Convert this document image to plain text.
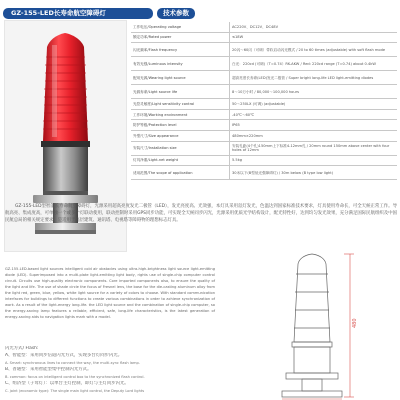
GZ-155-LED长寿命航空障碍灯	技术参数
工作电压/Operating voltage	AC220V、DC12V、DC48V
额定功率/Rated power	≤18W
闪光频率/Flash frequency	20闪～60闪（可调）带软启动闪光模式 / 20 to 60 times (adjustable) with soft flash mode
有效光强/Luminous intensity	白光：220cd (可调)（T=0.74）RK-AKW / Red: 220cd range (T=0.74) about 0.4kW
配用光源/Wearing light source	超高亮度长寿命(LED)发光二极管 / Super bright long-life LED light-emitting diodes
光源寿命/Light source life	8～10万小时 / 80,000～100,000 hours
光控灵敏度/Light sensitivity control	50～250LX (可调) (adjustable)
工作环境/Working environment	-40℃～60℃
防护等级/Protection level	IP65
外型尺寸/Size appearance	480mm×220mm
安装尺寸/Installation size	安装孔距(4个孔)150mm上下标准4-12mm孔 / 20mm round 150mm above center with four holes of 12mm
灯具净重/Light-net weight	5.5kg
适用范围/The scope of application	30米以下(B型低光强障碍灯) / 30m below (B type low light)

GZ-155-LED型智能长寿命航空障碍灯，光源采用超高亮度发光二极管（LED），发光亮度高、光效强，本灯具采用氙灯发光，色温达到国家标准技术要求，灯具使用寿命长，可全天候正常工作。导航高亮、集成度高，可单独一个或多个灯联动使用，联动控制时采用GPS同步功能，可实现全天候同步闪光，光源采用优质光学结构设计，配光特性好，达到均匀发光效果，充分满足国际民航组织及中国民航总局的相关规定要求，是适用于高层建筑、通讯塔、电视塔等障碍物的理想标志灯具。

GZ-155-LED-based light sources intelligent cold air obstacles using ultra-high-brightness light source light-emitting diode (LED). Superimposed into a multi-plate light-emitting light body, rights use of single-chip computer control circuit. Circuits use high-quality electronic components. Core imported components also, to ensure the quality of the light and life. The use of shade circle the focus of Fresnel lens, the base for the die-casting aluminum alloy from the light red, green, blue, yellow, white light source for a variety of colors to choose. With standard communication interfaces for buildings to different functions to create various combinations in order to achieve synchronization of work. As a result of the light-energy long-life. the LED light source and the combination of single-chip computer, so the energy-saving lamp features a reliable, efficient, safe, long-life characteristics, is the latest generation of energy-saving aids to navigation lights mark with a model.

闪光方式/ Flash:

A、智能型：采用同步信道闪光方式，实现多台灯同步闪光。

A. Smart: synchronous lines to connect the way, the multi-sync flash lamp.

B、普通型：采用智能型集中控制闪光方式。

B. common: focus on intelligent control box to the synchronized flash control.

C、组济型（子母灯）：以单台主灯控制，即灯与主灯同步闪光。

C. joint (economic type): The single main light control, the Deputy Lord lights

480
